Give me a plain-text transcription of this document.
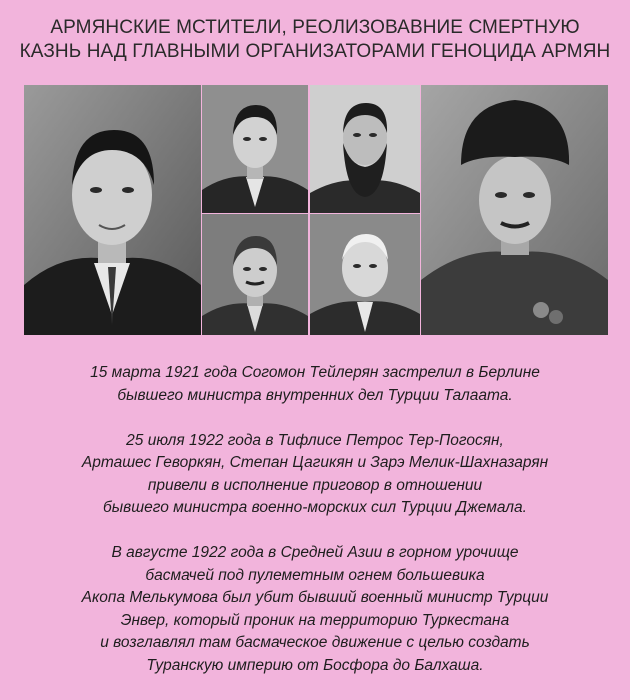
АРМЯНСКИЕ МСТИТЕЛИ, РЕОЛИЗОВАВНИЕ СМЕРТНУЮ
КАЗНЬ НАД ГЛАВНЫМИ ОРГАНИЗАТОРАМИ ГЕНОЦИДА АРМЯН
15 марта 1921 года Согомон Тейлерян застрелил в Берлине
бывшего министра внутренних дел Турции Талаата.
25 июля 1922 года в Тифлисе Петрос Тер-Погосян,
Арташес Геворкян, Степан Цагикян и Зарэ Мелик-Шахназарян
привели в исполнение приговор в отношении
бывшего министра военно-морских сил Турции Джемала.
В августе 1922 года в Средней Азии в горном урочище
басмачей под пулеметным огнем большевика
Акопа Мелькумова был убит бывший военный министр Турции
Энвер, который проник на территорию Туркестана
и возглавлял там басмаческое движение с целью создать
Туранскую империю от Босфора до Балхаша.
